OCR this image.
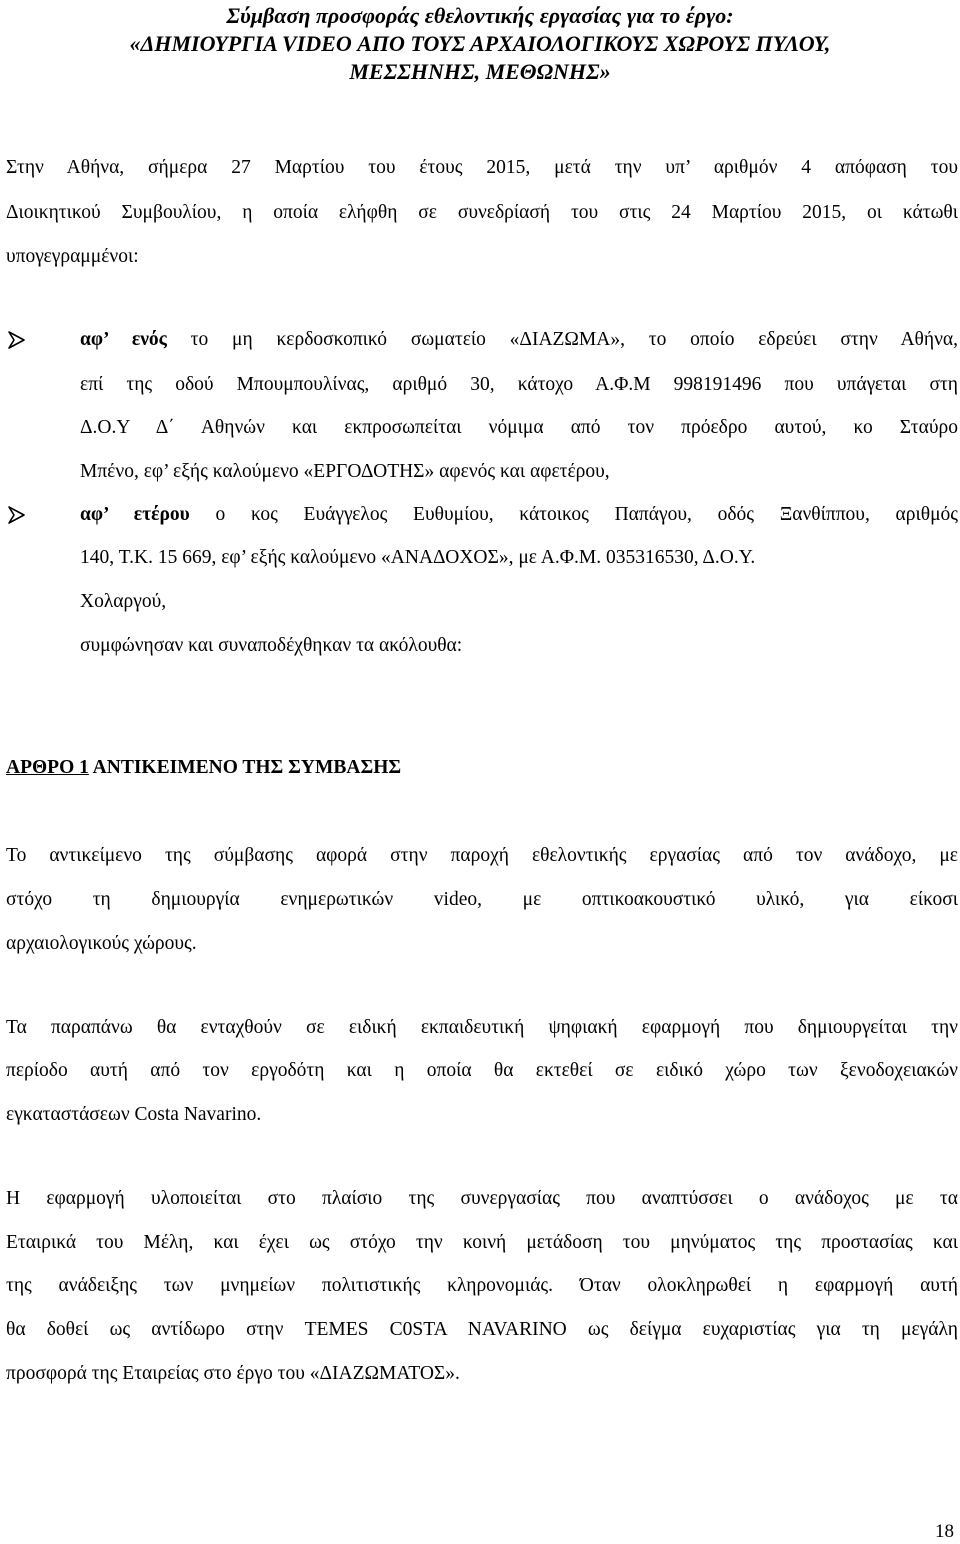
Σύμβαση προσφοράς εθελοντικής εργασίας για το έργο:
«ΔΗΜΙΟΥΡΓΙΑ VIDEO ΑΠΟ ΤΟΥΣ ΑΡΧΑΙΟΛΟΓΙΚΟΥΣ ΧΩΡΟΥΣ ΠΥΛΟΥ,
ΜΕΣΣΗΝΗΣ, ΜΕΘΩΝΗΣ»
Στην Αθήνα, σήμερα 27 Μαρτίου του έτους 2015, μετά την υπ’ αριθμόν 4 απόφαση του
Διοικητικού Συμβουλίου, η οποία ελήφθη σε συνεδρίασή του στις 24 Μαρτίου 2015, οι κάτωθι
υπογεγραμμένοι:
αφ’ ενός το μη κερδοσκοπικό σωματείο «ΔΙΑΖΩΜΑ», το οποίο εδρεύει στην Αθήνα,
επί της οδού Μπουμπουλίνας, αριθμό 30, κάτοχο Α.Φ.Μ 998191496 που υπάγεται στη
Δ.Ο.Υ Δ΄ Αθηνών και εκπροσωπείται νόμιμα από τον πρόεδρο αυτού, κο Σταύρο
Μπένο, εφ’ εξής καλούμενο «ΕΡΓΟΔΟΤΗΣ» αφενός και αφετέρου,
αφ’ ετέρου ο κος Ευάγγελος Ευθυμίου, κάτοικος Παπάγου, οδός Ξανθίππου, αριθμός
140, Τ.Κ. 15 669, εφ’ εξής καλούμενο «ΑΝΑΔΟΧΟΣ», με Α.Φ.Μ. 035316530, Δ.Ο.Υ.
Χολαργού,
συμφώνησαν και συναποδέχθηκαν τα ακόλουθα:
ΑΡΘΡΟ 1 ΑΝΤΙΚΕΙΜΕΝΟ ΤΗΣ ΣΥΜΒΑΣΗΣ
Το αντικείμενο της σύμβασης αφορά στην παροχή εθελοντικής εργασίας από τον ανάδοχο, με
στόχο τη δημιουργία ενημερωτικών video, με οπτικοακουστικό υλικό, για είκοσι
αρχαιολογικούς χώρους.
Τα παραπάνω θα ενταχθούν σε ειδική εκπαιδευτική ψηφιακή εφαρμογή που δημιουργείται την
περίοδο αυτή από τον εργοδότη και η οποία θα εκτεθεί σε ειδικό χώρο των ξενοδοχειακών
εγκαταστάσεων Costa Navarino.
Η εφαρμογή υλοποιείται στο πλαίσιο της συνεργασίας που αναπτύσσει ο ανάδοχος με τα
Εταιρικά του Μέλη, και έχει ως στόχο την κοινή μετάδοση του μηνύματος της προστασίας και
της ανάδειξης των μνημείων πολιτιστικής κληρονομιάς. Όταν ολοκληρωθεί η εφαρμογή αυτή
θα δοθεί ως αντίδωρο στην TEMES C0STA NAVARINO ως δείγμα ευχαριστίας για τη μεγάλη
προσφορά της Εταιρείας στο έργο του «ΔΙΑΖΩΜΑΤΟΣ».
18
